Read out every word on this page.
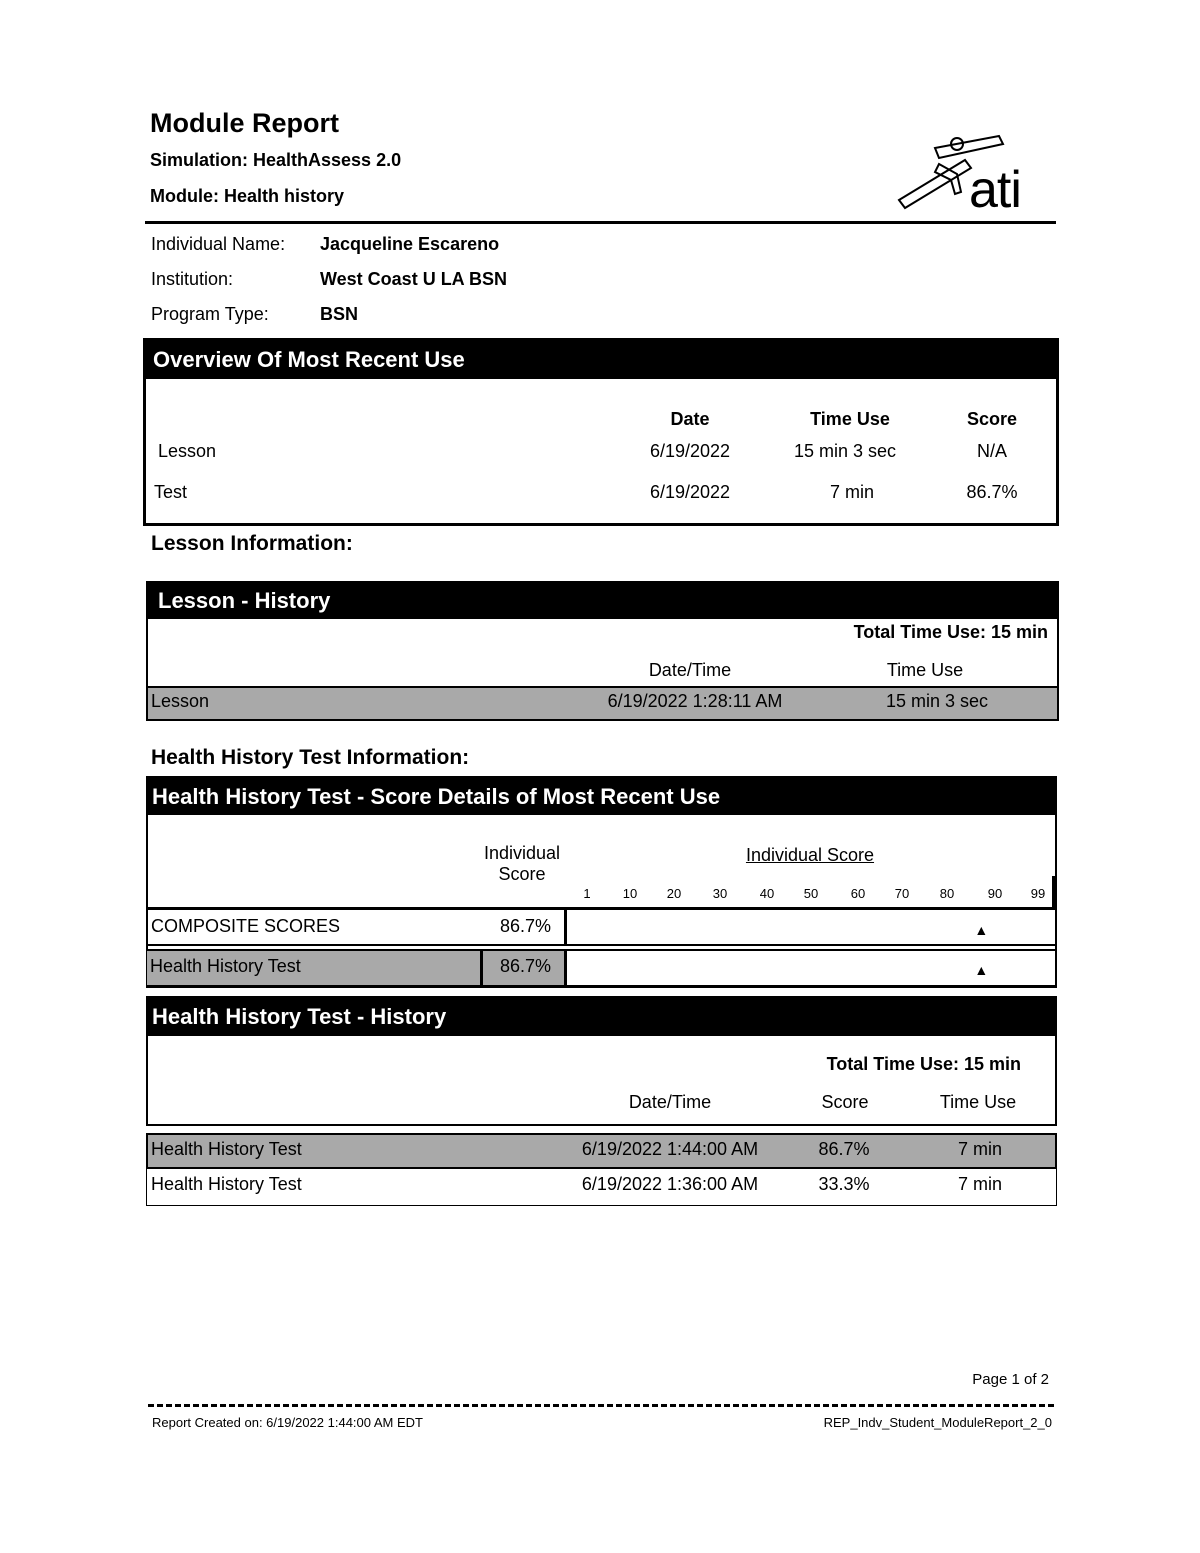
Module Report
Simulation: HealthAssess 2.0
Module: Health history	ati
Individual Name: Jacqueline Escareno
Institution:	West Coast U LA BSN
Program Type:	BSN
Overview Of Most Recent Use
Date	Time Use	Score
Lesson	6/19/2022	15 min 3 sec	N/A
Test	6/19/2022	7 min	86.7%
Lesson Information:
Lesson - History
Total Time Use: 15 min
Date/Time	Time Use
Lesson	6/19/2022 1:28:11 AM	15 min 3 sec
Health History Test Information:
Health History Test - Score Details of Most Recent Use
Individual
Score
Individual Score
1	10	20	30	40	50	60	70	80	90	99
COMPOSITE SCORES	86.7%	▲
Health History Test	86.7%	▲
Health History Test - History
Total Time Use: 15 min
Date/Time	Score	Time Use
Health History Test	6/19/2022 1:44:00 AM	86.7%	7 min
Health History Test	6/19/2022 1:36:00 AM	33.3%	7 min
Page 1 of 2
Report Created on: 6/19/2022 1:44:00 AM EDT	REP_Indv_Student_ModuleReport_2_0
